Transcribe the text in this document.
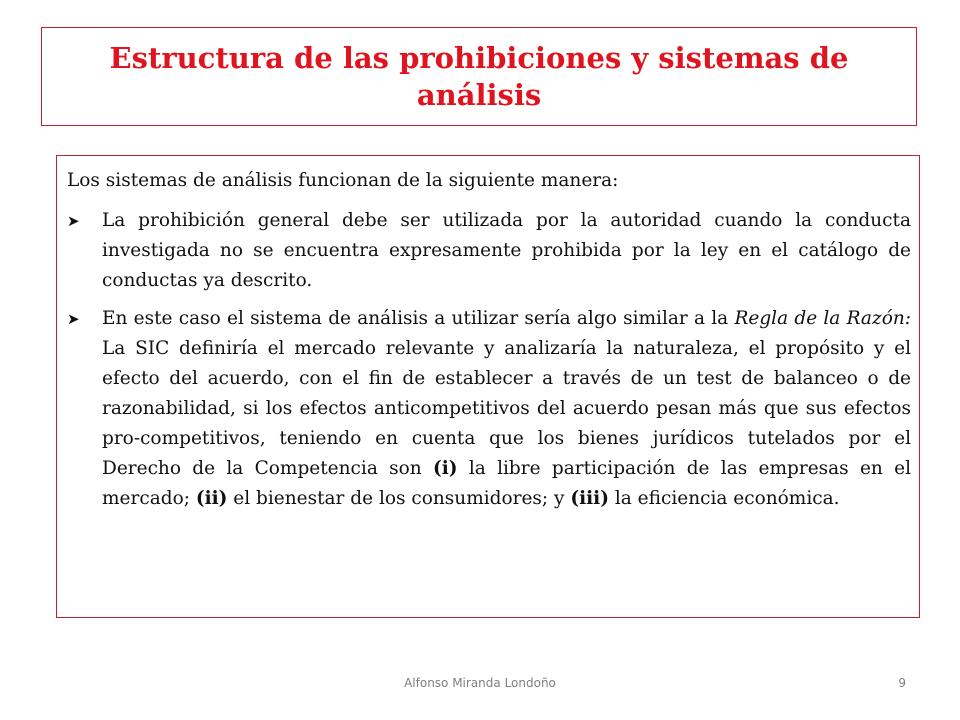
Estructura de las prohibiciones y sistemas de análisis

Los sistemas de análisis funcionan de la siguiente manera:

➤	La prohibición general debe ser utilizada por la autoridad cuando la conducta investigada no se encuentra expresamente prohibida por la ley en el catálogo de conductas ya descrito.
➤	En este caso el sistema de análisis a utilizar sería algo similar a la Regla de la Razón: La SIC definiría el mercado relevante y analizaría la naturaleza, el propósito y el efecto del acuerdo, con el fin de establecer a través de un test de balanceo o de razonabilidad, si los efectos anticompetitivos del acuerdo pesan más que sus efectos pro-competitivos, teniendo en cuenta que los bienes jurídicos tutelados por el Derecho de la Competencia son (i) la libre participación de las empresas en el mercado; (ii) el bienestar de los consumidores; y (iii) la eficiencia económica.
Alfonso Miranda Londoño	9
